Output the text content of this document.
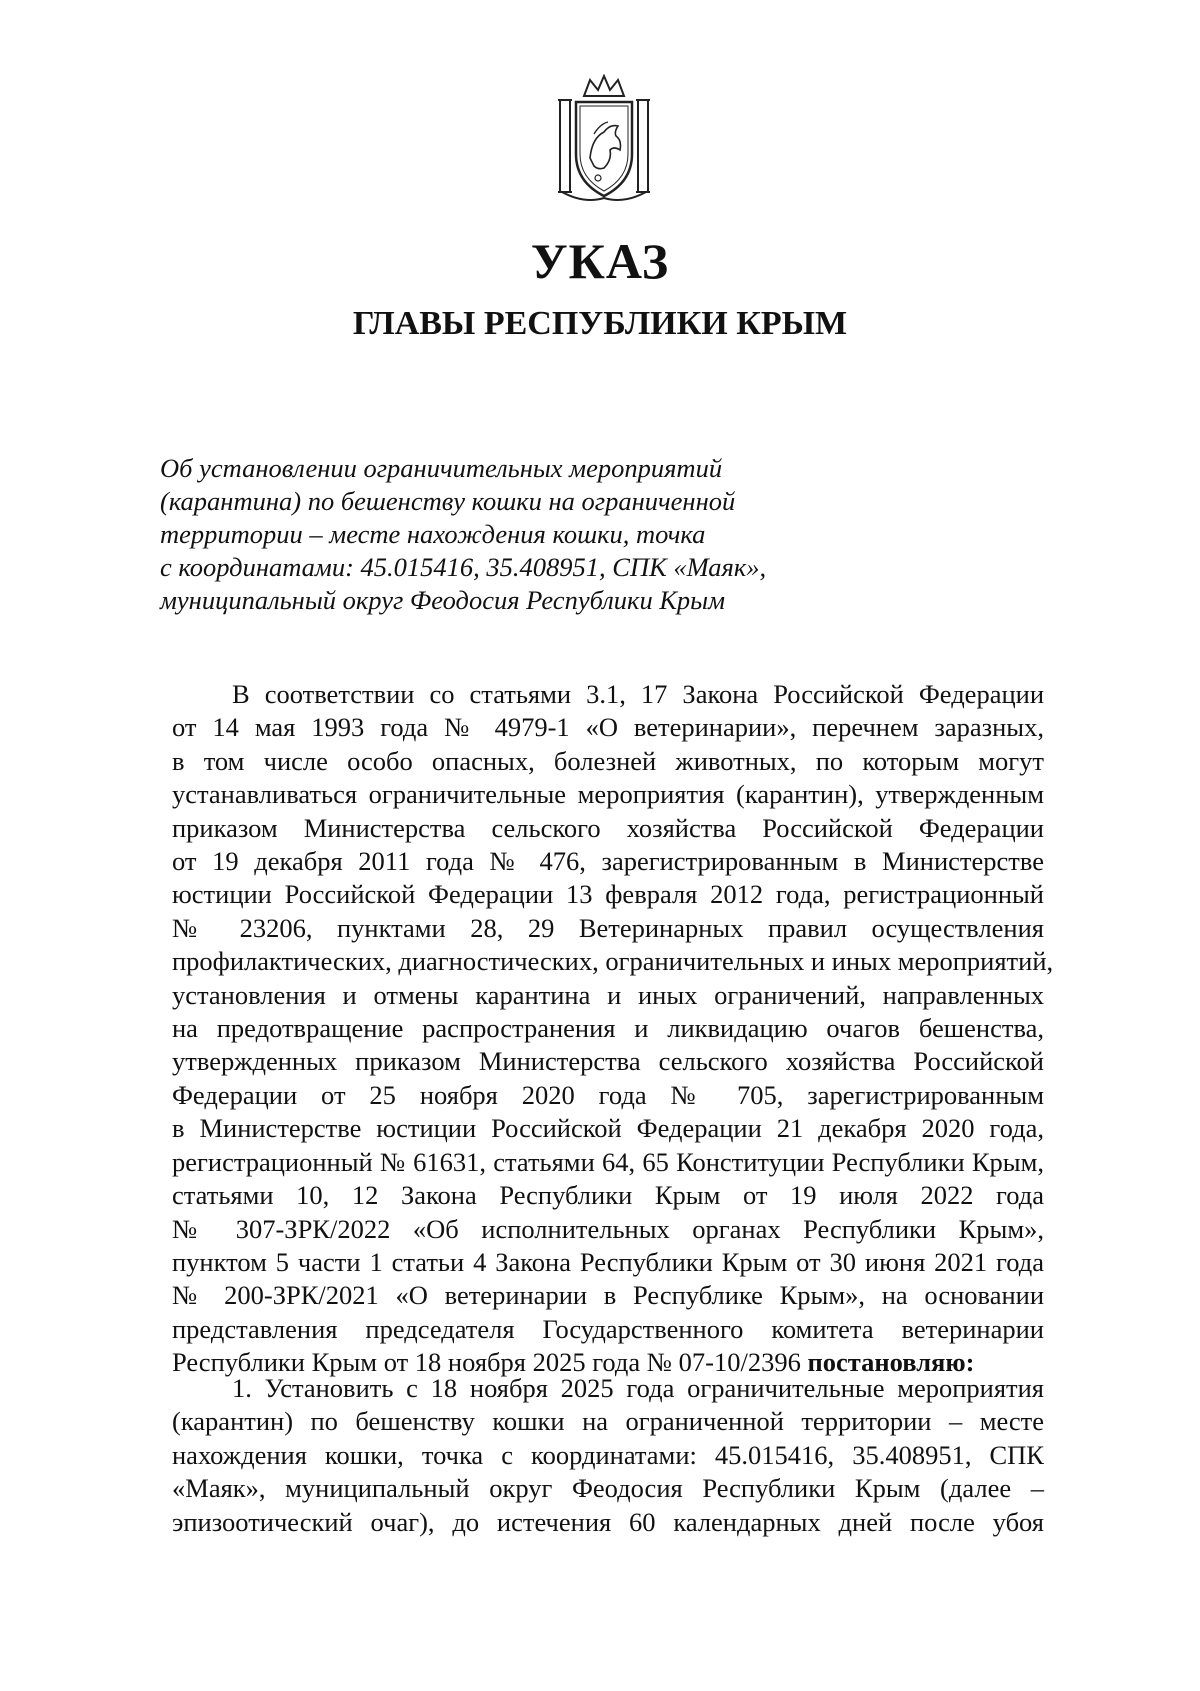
УКАЗ
ГЛАВЫ РЕСПУБЛИКИ КРЫМ
Об установлении ограничительных мероприятий
(карантина) по бешенству кошки на ограниченной
территории – месте нахождения кошки, точка
с координатами: 45.015416, 35.408951, СПК «Маяк»,
муниципальный округ Феодосия Республики Крым
В соответствии со статьями 3.1, 17 Закона Российской Федерации
от 14 мая 1993 года № 4979-1 «О ветеринарии», перечнем заразных,
в том числе особо опасных, болезней животных, по которым могут
устанавливаться ограничительные мероприятия (карантин), утвержденным
приказом Министерства сельского хозяйства Российской Федерации
от 19 декабря 2011 года № 476, зарегистрированным в Министерстве
юстиции Российской Федерации 13 февраля 2012 года, регистрационный
№ 23206, пунктами 28, 29 Ветеринарных правил осуществления
профилактических, диагностических, ограничительных и иных мероприятий,
установления и отмены карантина и иных ограничений, направленных
на предотвращение распространения и ликвидацию очагов бешенства,
утвержденных приказом Министерства сельского хозяйства Российской
Федерации от 25 ноября 2020 года № 705, зарегистрированным
в Министерстве юстиции Российской Федерации 21 декабря 2020 года,
регистрационный № 61631, статьями 64, 65 Конституции Республики Крым,
статьями 10, 12 Закона Республики Крым от 19 июля 2022 года
№ 307-ЗРК/2022 «Об исполнительных органах Республики Крым»,
пунктом 5 части 1 статьи 4 Закона Республики Крым от 30 июня 2021 года
№ 200-ЗРК/2021 «О ветеринарии в Республике Крым», на основании
представления председателя Государственного комитета ветеринарии
Республики Крым от 18 ноября 2025 года № 07-10/2396 постановляю:
1. Установить с 18 ноября 2025 года ограничительные мероприятия
(карантин) по бешенству кошки на ограниченной территории – месте
нахождения кошки, точка с координатами: 45.015416, 35.408951, СПК
«Маяк», муниципальный округ Феодосия Республики Крым (далее –
эпизоотический очаг), до истечения 60 календарных дней после убоя
